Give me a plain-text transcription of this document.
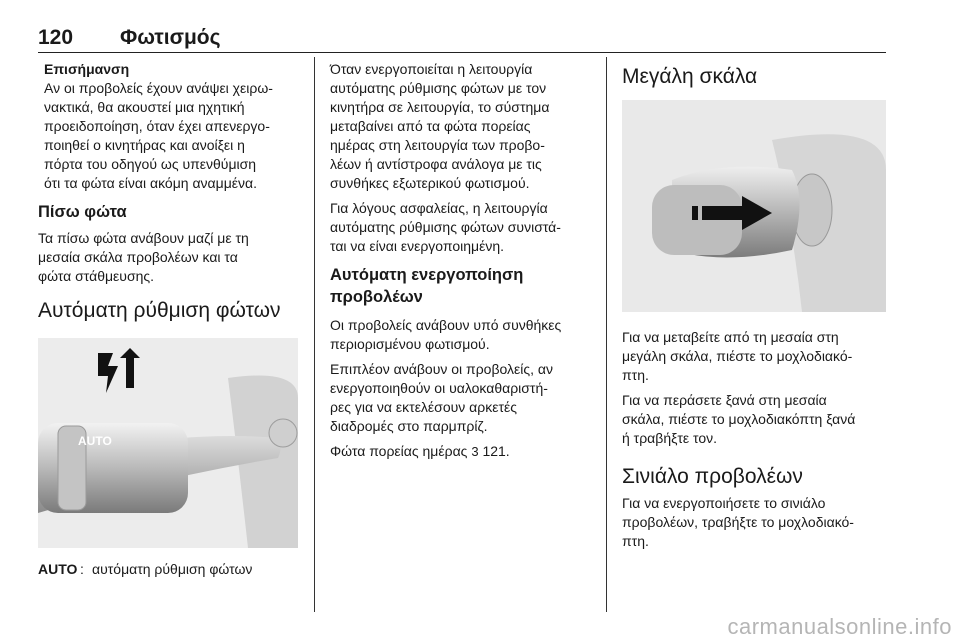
120 Φωτισμός
Επισήμανση

Αν οι προβολείς έχουν ανάψει χειρω-

νακτικά, θα ακουστεί μια ηχητική

προειδοποίηση, όταν έχει απενεργο-

ποιηθεί ο κινητήρας και ανοίξει η

πόρτα του οδηγού ως υπενθύμιση

ότι τα φώτα είναι ακόμη αναμμένα.

Πίσω φώτα

Τα πίσω φώτα ανάβουν μαζί με τη

μεσαία σκάλα προβολέων και τα

φώτα στάθμευσης.

Αυτόματη ρύθμιση φώτων
AUTO
AUTO : αυτόματη ρύθμιση φώτων

Όταν ενεργοποιείται η λειτουργία

αυτόματης ρύθμισης φώτων με τον

κινητήρα σε λειτουργία, το σύστημα

μεταβαίνει από τα φώτα πορείας

ημέρας στη λειτουργία των προβο-

λέων ή αντίστροφα ανάλογα με τις

συνθήκες εξωτερικού φωτισμού.

Για λόγους ασφαλείας, η λειτουργία

αυτόματης ρύθμισης φώτων συνιστά-

ται να είναι ενεργοποιημένη.

Αυτόματη ενεργοποίηση
προβολέων

Οι προβολείς ανάβουν υπό συνθήκες

περιορισμένου φωτισμού.

Επιπλέον ανάβουν οι προβολείς, αν

ενεργοποιηθούν οι υαλοκαθαριστή-

ρες για να εκτελέσουν αρκετές

διαδρομές στο παρμπρίζ.

Φώτα πορείας ημέρας 3 121.

Μεγάλη σκάλα

Για να μεταβείτε από τη μεσαία στη

μεγάλη σκάλα, πιέστε το μοχλοδιακό-

πτη.

Για να περάσετε ξανά στη μεσαία

σκάλα, πιέστε το μοχλοδιακόπτη ξανά

ή τραβήξτε τον.

Σινιάλο προβολέων

Για να ενεργοποιήσετε το σινιάλο

προβολέων, τραβήξτε το μοχλοδιακό-

πτη.

carmanualsonline.info
